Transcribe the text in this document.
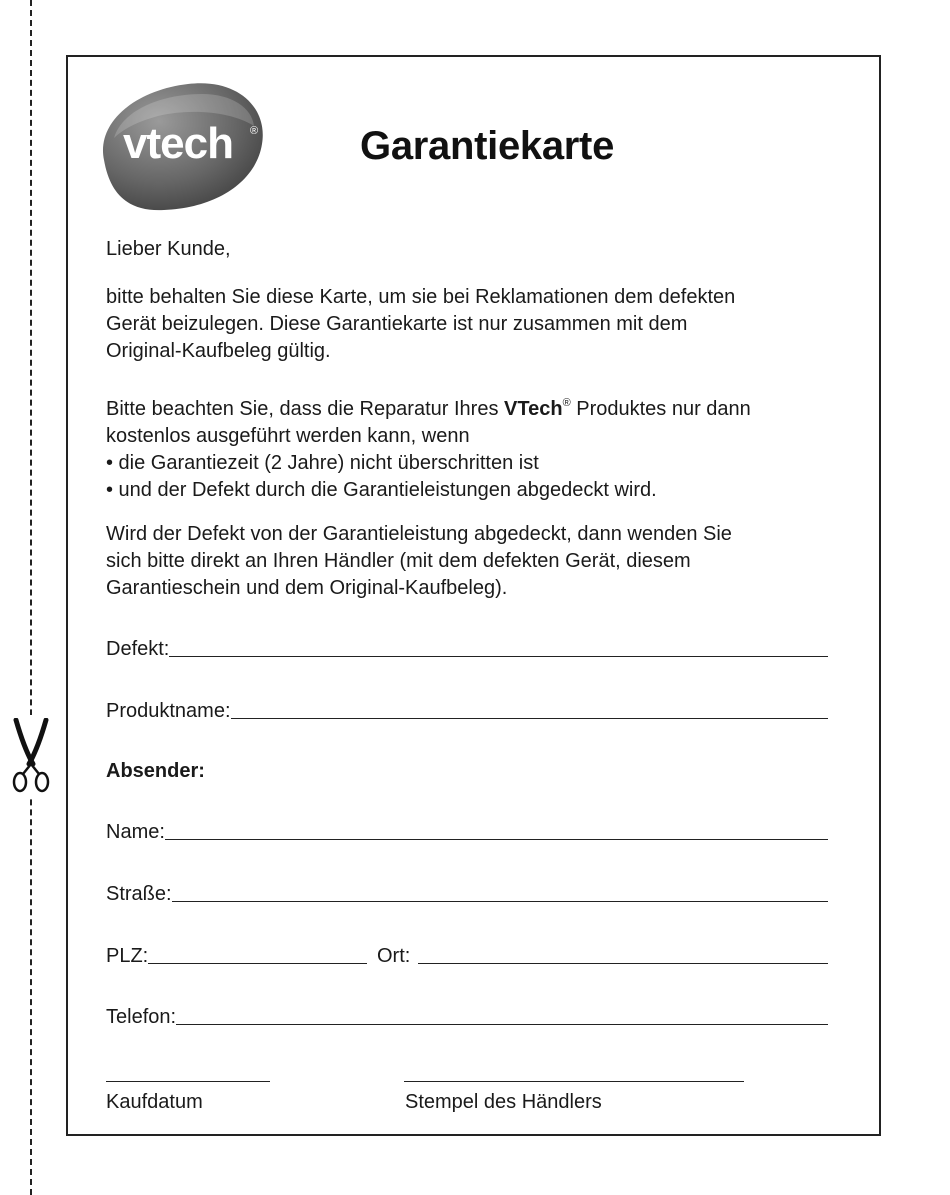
vtech ®	Garantiekarte
Lieber Kunde,

bitte behalten Sie diese Karte, um sie bei Reklamationen dem defekten

Gerät beizulegen. Diese Garantiekarte ist nur zusammen mit dem

Original-Kaufbeleg gültig.

Bitte beachten Sie, dass die Reparatur Ihres VTech® Produktes nur dann

kostenlos ausgeführt werden kann, wenn

• die Garantiezeit (2 Jahre) nicht überschritten ist

• und der Defekt durch die Garantieleistungen abgedeckt wird.

Wird der Defekt von der Garantieleistung abgedeckt, dann wenden Sie

sich bitte direkt an Ihren Händler (mit dem defekten Gerät, diesem

Garantieschein und dem Original-Kaufbeleg).

Defekt:
Produktname:
Absender:
Name:
Straße:
PLZ:	Ort:
Telefon:
Kaufdatum	Stempel des Händlers
